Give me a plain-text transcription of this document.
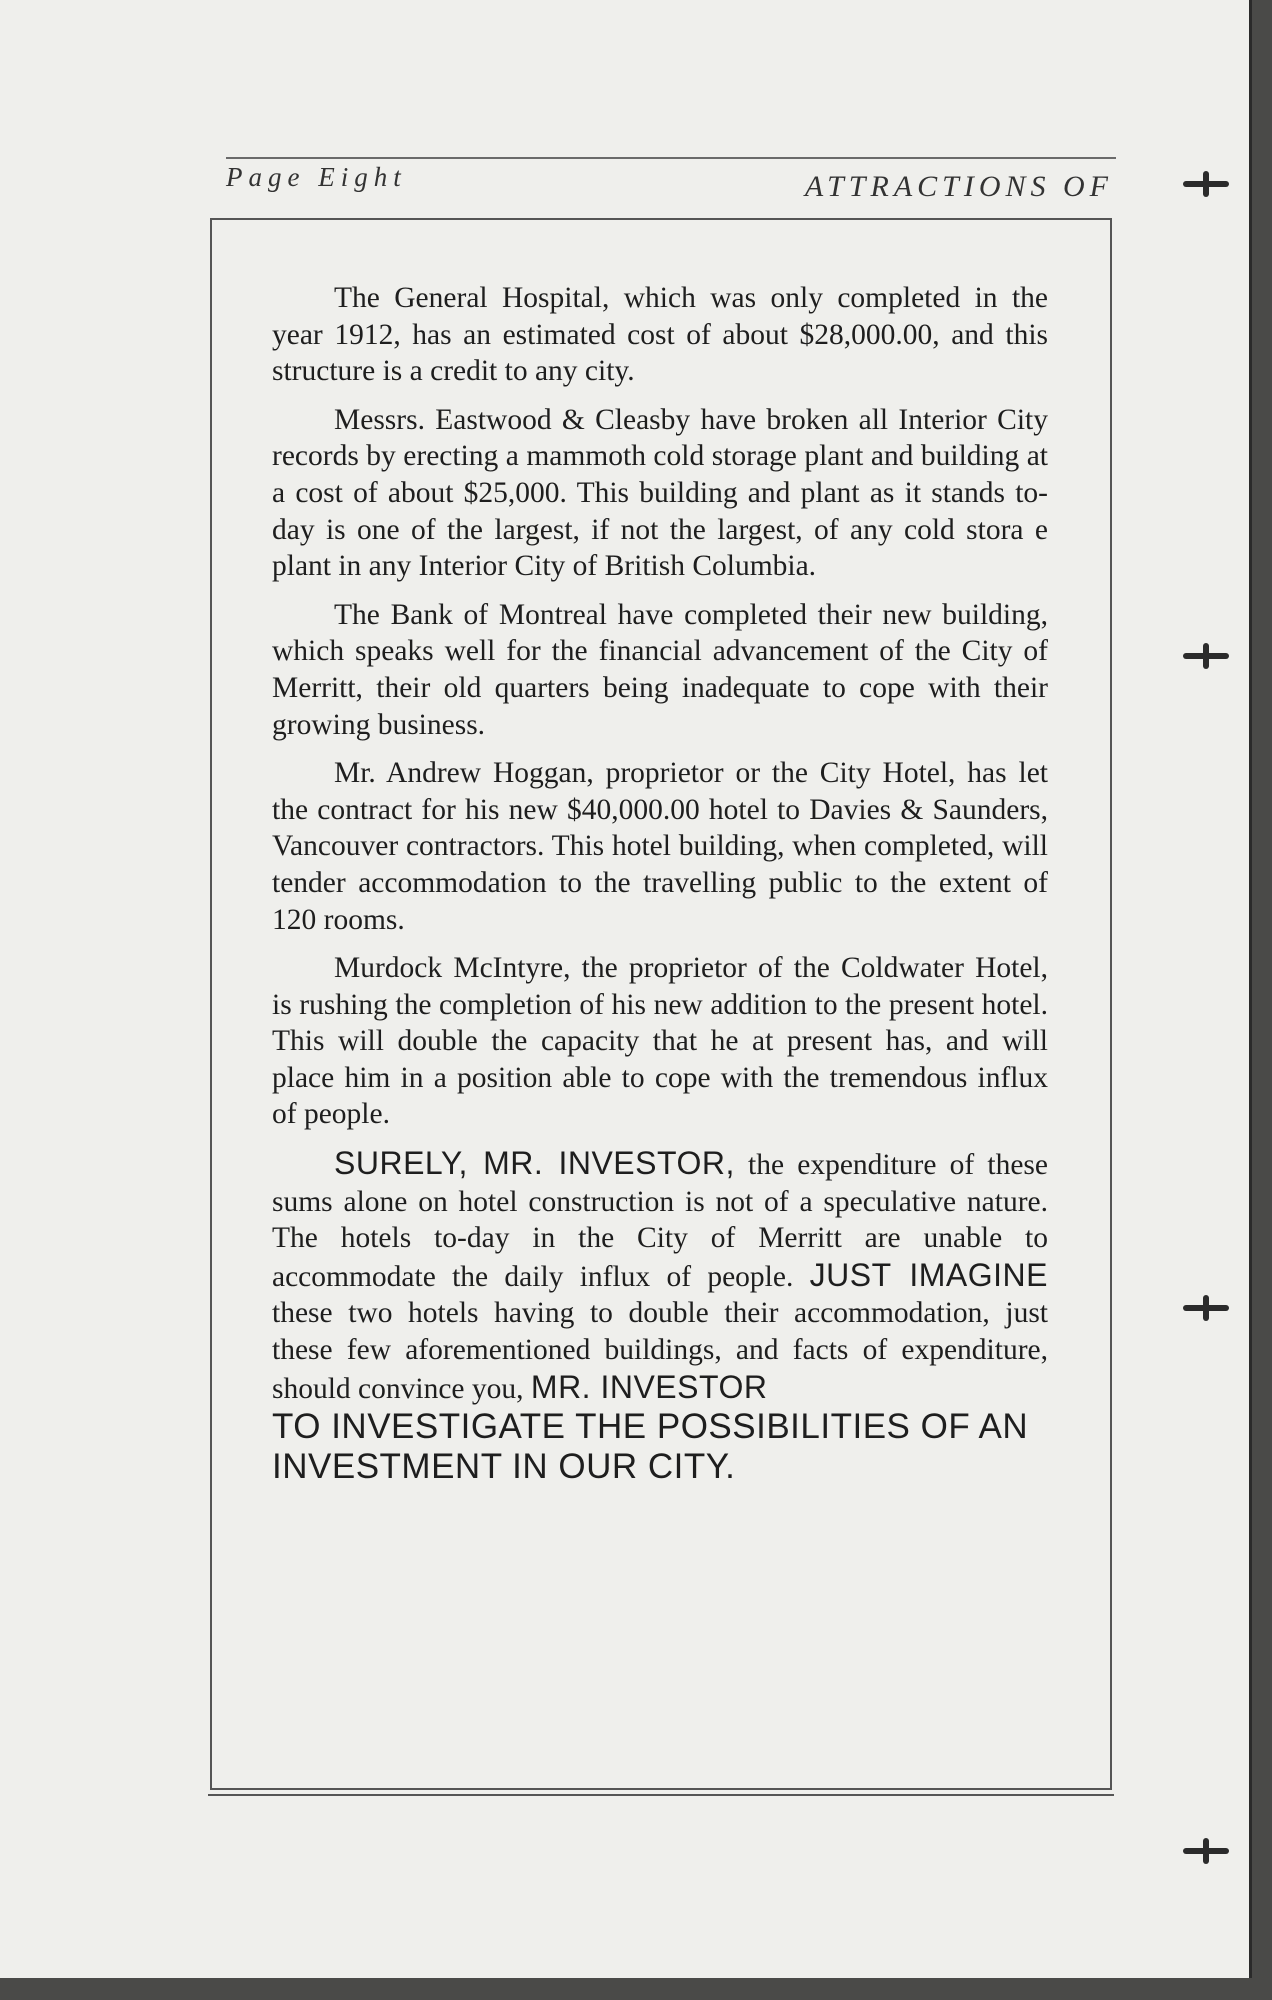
Page Eight	ATTRACTIONS OF

The General Hospital, which was only completed in the year 1912, has an estimated cost of about $28,000.00, and this structure is a credit to any city.

Messrs. Eastwood & Cleasby have broken all Interior City records by erecting a mammoth cold storage plant and building at a cost of about $25,000. This building and plant as it stands to-day is one of the largest, if not the largest, of any cold stora e plant in any Interior City of British Columbia.

The Bank of Montreal have completed their new building, which speaks well for the financial advancement of the City of Merritt, their old quarters being inadequate to cope with their growing business.

Mr. Andrew Hoggan, proprietor or the City Hotel, has let the contract for his new $40,000.00 hotel to Davies & Saunders, Vancouver contractors. This hotel building, when completed, will tender accommodation to the travelling public to the extent of 120 rooms.

Murdock McIntyre, the proprietor of the Coldwater Hotel, is rushing the completion of his new addition to the present hotel. This will double the capacity that he at present has, and will place him in a position able to cope with the tremendous influx of people.

SURELY, MR. INVESTOR, the expenditure of these sums alone on hotel construction is not of a speculative nature. The hotels to-day in the City of Merritt are unable to accommodate the daily influx of people. JUST IMAGINE these two hotels having to double their accommodation, just these few aforementioned buildings, and facts of expenditure, should convince you, MR. INVESTOR
TO INVESTIGATE THE POSSIBILITIES OF AN INVESTMENT IN OUR CITY.
